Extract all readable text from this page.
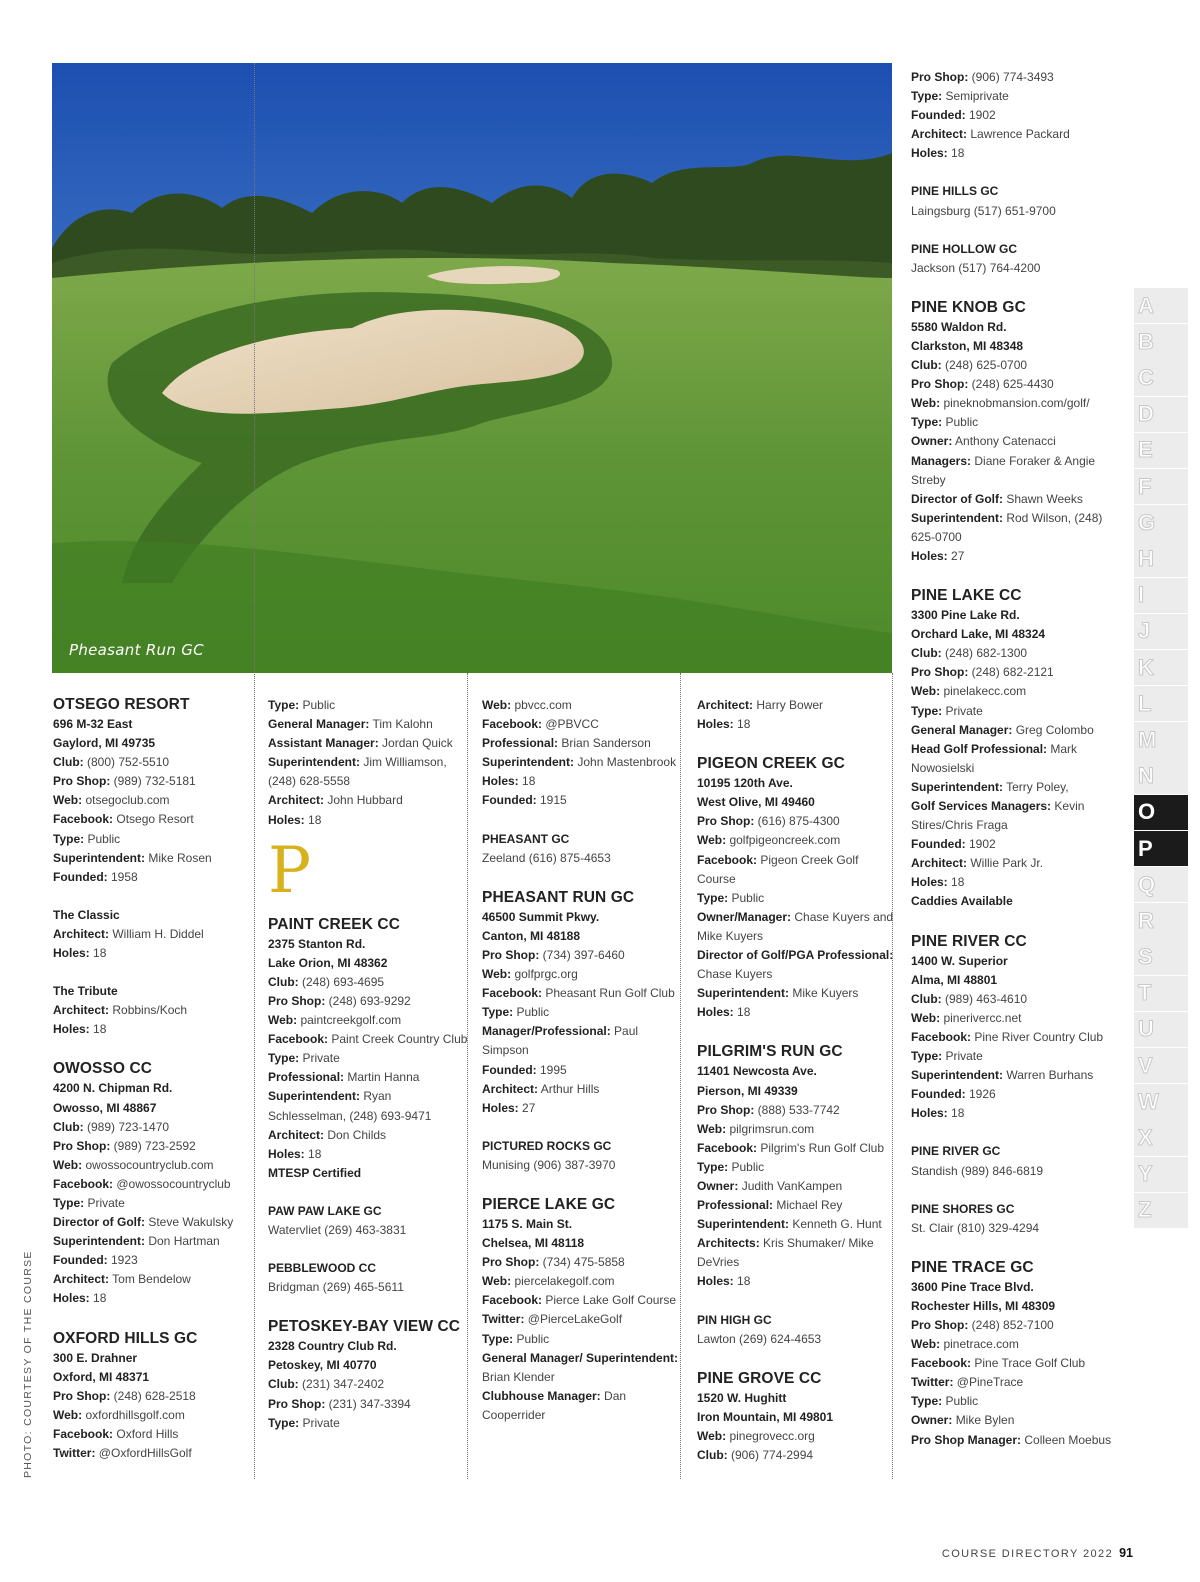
Pheasant Run GC
OTSEGO RESORT
696 M-32 East
Gaylord, MI 49735
Club: (800) 752-5510
Pro Shop: (989) 732-5181
Web: otsegoclub.com
Facebook: Otsego Resort
Type: Public
Superintendent: Mike Rosen
Founded: 1958
The Classic
Architect: William H. Diddel
Holes: 18
The Tribute
Architect: Robbins/Koch
Holes: 18
OWOSSO CC
4200 N. Chipman Rd.
Owosso, MI 48867
Club: (989) 723-1470
Pro Shop: (989) 723-2592
Web: owossocountryclub.com
Facebook: @owossocountryclub
Type: Private
Director of Golf: Steve Wakulsky
Superintendent: Don Hartman
Founded: 1923
Architect: Tom Bendelow
Holes: 18
OXFORD HILLS GC
300 E. Drahner
Oxford, MI 48371
Pro Shop: (248) 628-2518
Web: oxfordhillsgolf.com
Facebook: Oxford Hills
Twitter: @OxfordHillsGolf
Type: Public
General Manager: Tim Kalohn
Assistant Manager: Jordan Quick
Superintendent: Jim Williamson, (248) 628-5558
Architect: John Hubbard
Holes: 18
P
PAINT CREEK CC
2375 Stanton Rd.
Lake Orion, MI 48362
Club: (248) 693-4695
Pro Shop: (248) 693-9292
Web: paintcreekgolf.com
Facebook: Paint Creek Country Club
Type: Private
Professional: Martin Hanna
Superintendent: Ryan Schlesselman, (248) 693-9471
Architect: Don Childs
Holes: 18
MTESP Certified
PAW PAW LAKE GC
Watervliet (269) 463-3831
PEBBLEWOOD CC
Bridgman (269) 465-5611
PETOSKEY-BAY VIEW CC
2328 Country Club Rd.
Petoskey, MI 40770
Club: (231) 347-2402
Pro Shop: (231) 347-3394
Type: Private
Web: pbvcc.com
Facebook: @PBVCC
Professional: Brian Sanderson
Superintendent: John Mastenbrook
Holes: 18
Founded: 1915
PHEASANT GC
Zeeland (616) 875-4653
PHEASANT RUN GC
46500 Summit Pkwy.
Canton, MI 48188
Pro Shop: (734) 397-6460
Web: golfprgc.org
Facebook: Pheasant Run Golf Club
Type: Public
Manager/Professional: Paul Simpson
Founded: 1995
Architect: Arthur Hills
Holes: 27
PICTURED ROCKS GC
Munising (906) 387-3970
PIERCE LAKE GC
1175 S. Main St.
Chelsea, MI 48118
Pro Shop: (734) 475-5858
Web: piercelakegolf.com
Facebook: Pierce Lake Golf Course
Twitter: @PierceLakeGolf
Type: Public
General Manager/ Superintendent: Brian Klender
Clubhouse Manager: Dan Cooperrider
Architect: Harry Bower
Holes: 18
PIGEON CREEK GC
10195 120th Ave.
West Olive, MI 49460
Pro Shop: (616) 875-4300
Web: golfpigeoncreek.com
Facebook: Pigeon Creek Golf Course
Type: Public
Owner/Manager: Chase Kuyers and Mike Kuyers
Director of Golf/PGA Professional: Chase Kuyers
Superintendent: Mike Kuyers
Holes: 18
PILGRIM'S RUN GC
11401 Newcosta Ave.
Pierson, MI 49339
Pro Shop: (888) 533-7742
Web: pilgrimsrun.com
Facebook: Pilgrim's Run Golf Club
Type: Public
Owner: Judith VanKampen
Professional: Michael Rey
Superintendent: Kenneth G. Hunt
Architects: Kris Shumaker/ Mike DeVries
Holes: 18
PIN HIGH GC
Lawton (269) 624-4653
PINE GROVE CC
1520 W. Hughitt
Iron Mountain, MI 49801
Web: pinegrovecc.org
Club: (906) 774-2994
Pro Shop: (906) 774-3493
Type: Semiprivate
Founded: 1902
Architect: Lawrence Packard
Holes: 18
PINE HILLS GC
Laingsburg (517) 651-9700
PINE HOLLOW GC
Jackson (517) 764-4200
PINE KNOB GC
5580 Waldon Rd.
Clarkston, MI 48348
Club: (248) 625-0700
Pro Shop: (248) 625-4430
Web: pineknobmansion.com/golf/
Type: Public
Owner: Anthony Catenacci
Managers: Diane Foraker & Angie Streby
Director of Golf: Shawn Weeks
Superintendent: Rod Wilson, (248) 625-0700
Holes: 27
PINE LAKE CC
3300 Pine Lake Rd.
Orchard Lake, MI 48324
Club: (248) 682-1300
Pro Shop: (248) 682-2121
Web: pinelakecc.com
Type: Private
General Manager: Greg Colombo
Head Golf Professional: Mark Nowosielski
Superintendent: Terry Poley,
Golf Services Managers: Kevin Stires/Chris Fraga
Founded: 1902
Architect: Willie Park Jr.
Holes: 18
Caddies Available
PINE RIVER CC
1400 W. Superior
Alma, MI 48801
Club: (989) 463-4610
Web: pinerivercc.net
Facebook: Pine River Country Club
Type: Private
Superintendent: Warren Burhans
Founded: 1926
Holes: 18
PINE RIVER GC
Standish (989) 846-6819
PINE SHORES GC
St. Clair (810) 329-4294
PINE TRACE GC
3600 Pine Trace Blvd.
Rochester Hills, MI 48309
Pro Shop: (248) 852-7100
Web: pinetrace.com
Facebook: Pine Trace Golf Club
Twitter: @PineTrace
Type: Public
Owner: Mike Bylen
Pro Shop Manager: Colleen Moebus
A
B
C
D
E
F
G
H
I
J
K
L
M
N
O
P
Q
R
S
T
U
V
W
X
Y
Z
PHOTO: COURTESY OF THE COURSE
COURSE DIRECTORY 2022 91
